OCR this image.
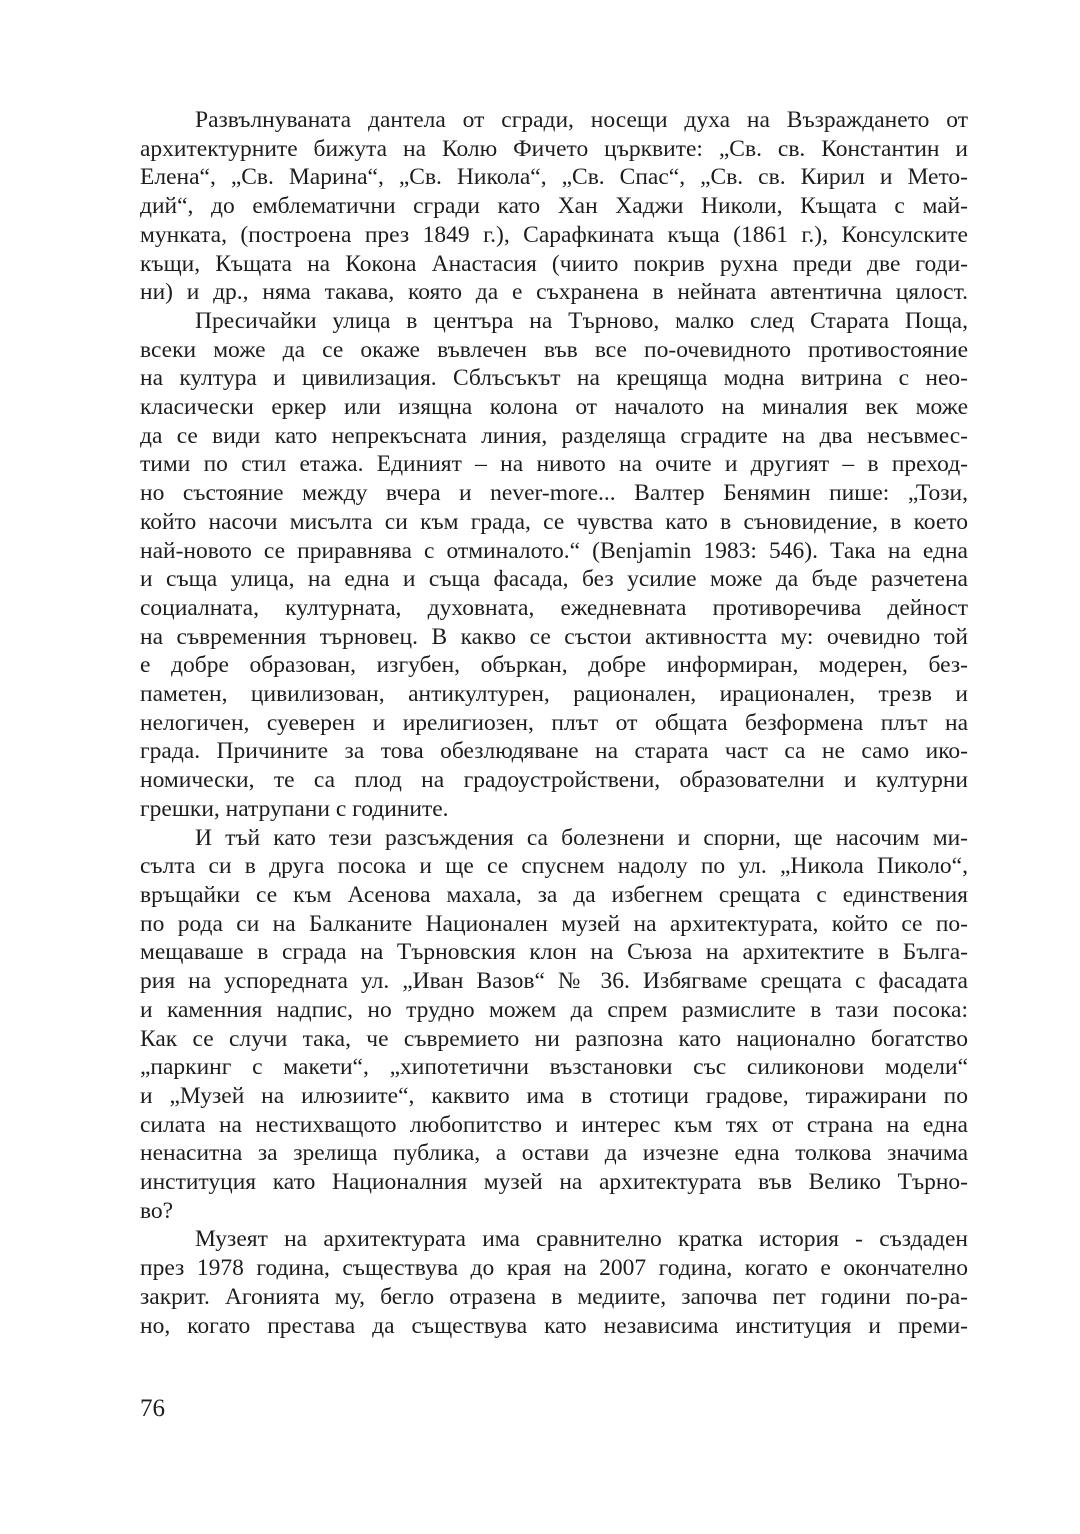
Развълнуваната дантела от сгради, носещи духа на Възраждането от
архитектурните бижута на Колю Фичето църквите: „Св. св. Константин и
Елена“, „Св. Марина“, „Св. Никола“, „Св. Спас“, „Св. св. Кирил и Мето-
дий“, до емблематични сгради като Хан Хаджи Николи, Къщата с май-
мунката, (построена през 1849 г.), Сарафкината къща (1861 г.), Консулските
къщи, Къщата на Кокона Анастасия (чиито покрив рухна преди две годи-
ни) и др., няма такава, която да е съхранена в нейната автентична цялост.

Пресичайки улица в центъра на Търново, малко след Старата Поща,
всеки може да се окаже въвлечен във все по-очевидното противостояние
на култура и цивилизация. Сблъсъкът на крещяща модна витрина с нео-
класически еркер или изящна колона от началото на миналия век може
да се види като непрекъсната линия, разделяща сградите на два несъвмес-
тими по стил етажа. Единият – на нивото на очите и другият – в преход-
но състояние между вчера и never-more... Валтер Бенямин пише: „Този,
който насочи мисълта си към града, се чувства като в съновидение, в което
най-новото се приравнява с отминалото.“ (Benjamin 1983: 546). Така на една
и съща улица, на една и съща фасада, без усилие може да бъде разчетена
социалната, културната, духовната, ежедневната противоречива дейност
на съвременния търновец. В какво се състои активността му: очевидно той
е добре образован, изгубен, объркан, добре информиран, модерен, без-
паметен, цивилизован, антикултурен, рационален, ирационален, трезв и
нелогичен, суеверен и ирелигиозен, плът от общата безформена плът на
града. Причините за това обезлюдяване на старата част са не само ико-
номически, те са плод на градоустройствени, образователни и културни
грешки, натрупани с годините.

И тъй като тези разсъждения са болезнени и спорни, ще насочим ми-
сълта си в друга посока и ще се спуснем надолу по ул. „Никола Пиколо“,
връщайки се към Асенова махала, за да избегнем срещата с единствения
по рода си на Балканите Национален музей на архитектурата, който се по-
мещаваше в сграда на Търновския клон на Съюза на архитектите в Бълга-
рия на успоредната ул. „Иван Вазов“ № 36. Избягваме срещата с фасадата
и каменния надпис, но трудно можем да спрем размислите в тази посока:
Как се случи така, че съвремието ни разпозна като национално богатство
„паркинг с макети“, „хипотетични възстановки със силиконови модели“
и „Музей на илюзиите“, каквито има в стотици градове, тиражирани по
силата на нестихващото любопитство и интерес към тях от страна на една
ненаситна за зрелища публика, а остави да изчезне една толкова значима
институция като Националния музей на архитектурата във Велико Търно-
во?

Музеят на архитектурата има сравнително кратка история - създаден
през 1978 година, съществува до края на 2007 година, когато е окончателно
закрит. Агонията му, бегло отразена в медиите, започва пет години по-ра-
но, когато престава да съществува като независима институция и преми-

76
